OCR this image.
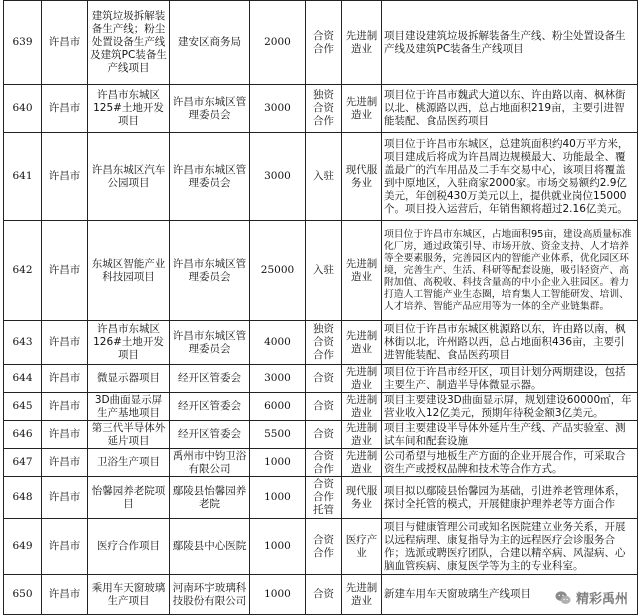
639	许昌市	建筑垃圾拆解装备生产线；粉尘处置设备生产线及建筑PC装备生产线项目	建安区商务局	2000	合资合作	先进制造业	项目建设建筑垃圾拆解装备生产线、粉尘处置设备生产线及建筑PC装备生产线项目
640	许昌市	许昌市东城区125#土地开发项目	许昌市东城区管理委员会	3000	独资合资合作	先进制造业	项目位于许昌市魏武大道以东、许由路以南、枫林街以北、桃源路以西，总占地面积219亩，主要引进智能装配、食品医药项目
641	许昌市	许昌东城区汽车公园项目	许昌市东城区管理委员会	3000	入驻	现代服务业	项目位于许昌市东城区，总建筑面积约40万平方米，项目建成后将成为许昌周边规模最大、功能最全、覆盖最广的汽车用品及二手车交易中心，该项目将覆盖到中原地区，入驻商家2000家。市场交易额约2.9亿美元，年创税430万美元以上，提供就业岗位15000个。项目投入运营后，年销售额将超过2.16亿美元。
642	许昌市	东城区智能产业科技园项目	许昌市东城区管理委员会	25000	入驻	先进制造业	项目位于许昌市东城区，占地面积95亩，建设高质量标准化厂房，通过政策引导、市场开放、资金支持、人才培养等全要素服务，完善园区内的智能产业体系，优化园区环境，完善生产、生活、科研等配套设施，吸引轻资产、高附加值、高税收、科技含量高的中小企业入驻园区。着力打造人工智能产业生态圈，培育集人工智能研发、培训、人才培养、智能产品应用等为一体的全产业链集群。
643	许昌市	许昌市东城区126#土地开发项目	许昌市东城区管理委员会	4000	独资合资合作	先进制造业	项目位于许昌市东城区桃源路以东，许由路以南，枫林街以北，许州路以西，总占地面积436亩，主要引进智能装配、食品医药项目
644	许昌市	微显示器项目	经开区管委会	3000	合资	先进制造业	项目位于许昌市经开区，项目计划分两期建设，包括主要生产、制造半导体微显示器。
645	许昌市	3D曲面显示屏生产基地项目	经开区管委会	6000	合资	先进制造业	项目主要建设3D曲面显示屏，规划建设60000㎡，年营业收入12亿美元，预期年待税金额3亿美元。
646	许昌市	第三代半导体外延片项目	经开区管委会	5500	合资	先进制造业	项目主要建设半导体外延片生产线、产品实验室、测试车间和配套设施
647	许昌市	卫浴生产项目	禹州市中钧卫浴有限公司	1000	合资合作	先进制造业	公司希望与地板生产方面的企业开展合作，可采取合资生产或授权品牌和技术等合作方式。
648	许昌市	怡馨园养老院项目	鄢陵县怡馨园养老院	1000	合资合作托管	现代服务业	项目拟以鄢陵县怡馨园为基础，引进养老管理体系，探讨全托管的模式，开展健康护理养老等方面合作
649	许昌市	医疗合作项目	鄢陵县中心医院	1000	合资合作	医疗产业	项目与健康管理公司或知名医院建立业务关系，开展以远程病理、康复指导为主的远程医疗会诊服务合作；选派或聘医疗团队，合建以精卒病、风湿病、心脑血管疾病、康复医学等为主的专业科室。
650	许昌市	乘用车天窗玻璃生产项目	河南环宇玻璃科技股份有限公司	1000	合资	先进制造业	新建车用车天窗玻璃生产线项目	精彩禹州
